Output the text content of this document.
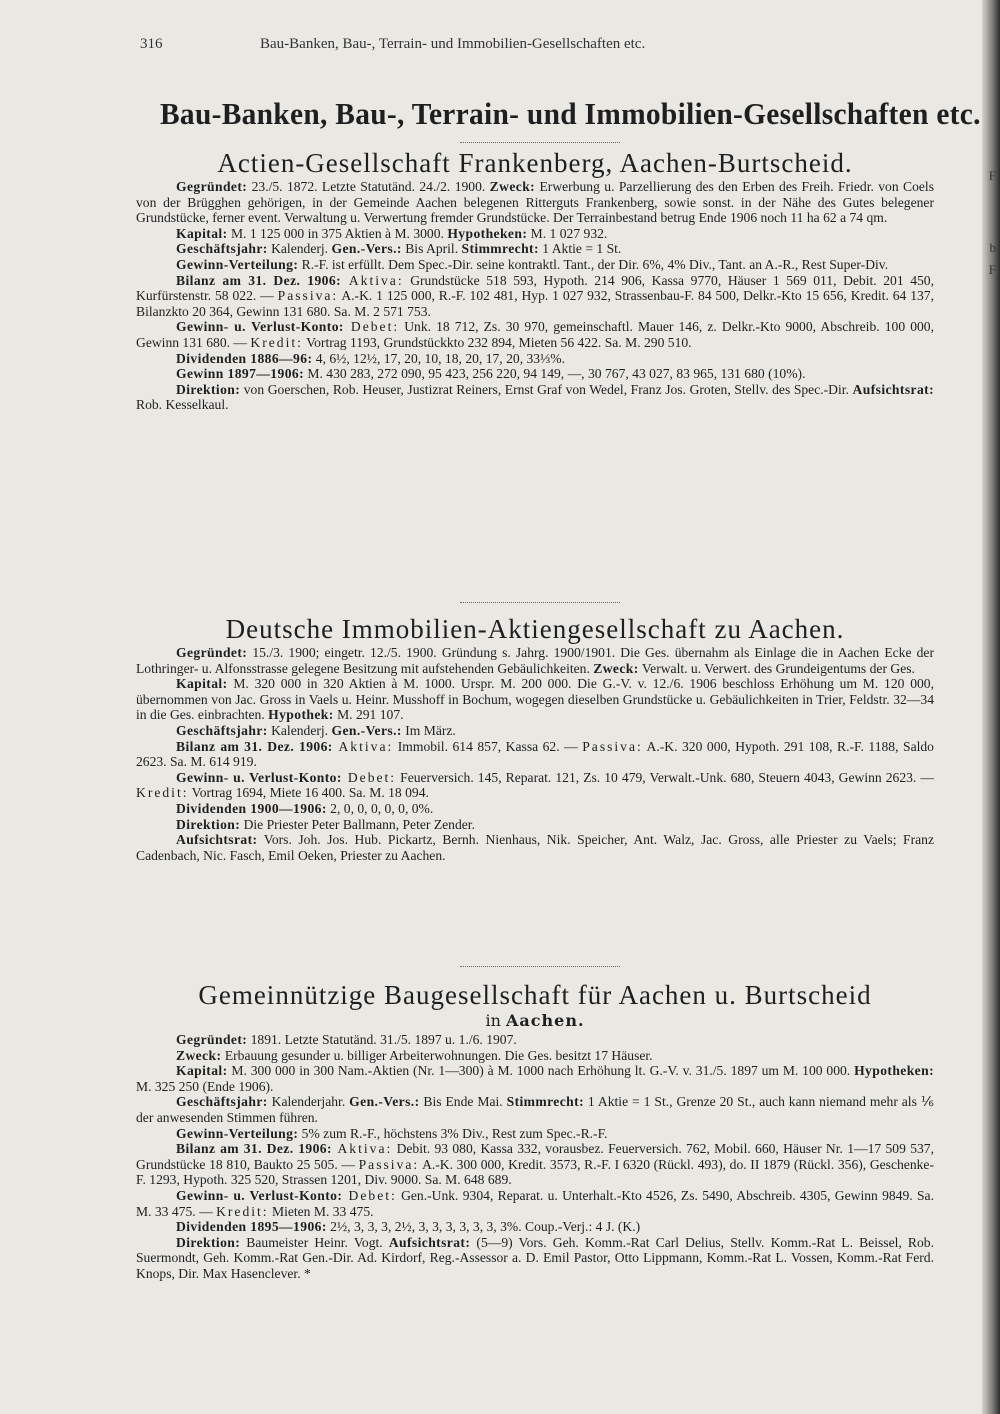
316	Bau-Banken, Bau-, Terrain- und Immobilien-Gesellschaften etc.
Bau-Banken, Bau-, Terrain- und Immobilien-Gesellschaften etc.
Actien-Gesellschaft Frankenberg, Aachen-Burtscheid.

Gegründet: 23./5. 1872. Letzte Statutänd. 24./2. 1900. Zweck: Erwerbung u. Parzellierung des den Erben des Freih. Friedr. von Coels von der Brügghen gehörigen, in der Gemeinde Aachen belegenen Ritterguts Frankenberg, sowie sonst. in der Nähe des Gutes belegener Grundstücke, ferner event. Verwaltung u. Verwertung fremder Grundstücke. Der Terrainbestand betrug Ende 1906 noch 11 ha 62 a 74 qm.

Kapital: M. 1 125 000 in 375 Aktien à M. 3000. Hypotheken: M. 1 027 932.

Geschäftsjahr: Kalenderj. Gen.-Vers.: Bis April. Stimmrecht: 1 Aktie = 1 St.

Gewinn-Verteilung: R.-F. ist erfüllt. Dem Spec.-Dir. seine kontraktl. Tant., der Dir. 6%, 4% Div., Tant. an A.-R., Rest Super-Div.

Bilanz am 31. Dez. 1906: Aktiva: Grundstücke 518 593, Hypoth. 214 906, Kassa 9770, Häuser 1 569 011, Debit. 201 450, Kurfürstenstr. 58 022. — Passiva: A.-K. 1 125 000, R.-F. 102 481, Hyp. 1 027 932, Strassenbau-F. 84 500, Delkr.-Kto 15 656, Kredit. 64 137, Bilanzkto 20 364, Gewinn 131 680. Sa. M. 2 571 753.

Gewinn- u. Verlust-Konto: Debet: Unk. 18 712, Zs. 30 970, gemeinschaftl. Mauer 146, z. Delkr.-Kto 9000, Abschreib. 100 000, Gewinn 131 680. — Kredit: Vortrag 1193, Grundstückkto 232 894, Mieten 56 422. Sa. M. 290 510.

Dividenden 1886—96: 4, 6½, 12½, 17, 20, 10, 18, 20, 17, 20, 33⅓%.

Gewinn 1897—1906: M. 430 283, 272 090, 95 423, 256 220, 94 149, —, 30 767, 43 027, 83 965, 131 680 (10%).

Direktion: von Goerschen, Rob. Heuser, Justizrat Reiners, Ernst Graf von Wedel, Franz Jos. Groten, Stellv. des Spec.-Dir. Aufsichtsrat: Rob. Kesselkaul.

Deutsche Immobilien-Aktiengesellschaft zu Aachen.

Gegründet: 15./3. 1900; eingetr. 12./5. 1900. Gründung s. Jahrg. 1900/1901. Die Ges. übernahm als Einlage die in Aachen Ecke der Lothringer- u. Alfonsstrasse gelegene Besitzung mit aufstehenden Gebäulichkeiten. Zweck: Verwalt. u. Verwert. des Grundeigentums der Ges.

Kapital: M. 320 000 in 320 Aktien à M. 1000. Urspr. M. 200 000. Die G.-V. v. 12./6. 1906 beschloss Erhöhung um M. 120 000, übernommen von Jac. Gross in Vaels u. Heinr. Musshoff in Bochum, wogegen dieselben Grundstücke u. Gebäulichkeiten in Trier, Feldstr. 32—34 in die Ges. einbrachten. Hypothek: M. 291 107.

Geschäftsjahr: Kalenderj. Gen.-Vers.: Im März.

Bilanz am 31. Dez. 1906: Aktiva: Immobil. 614 857, Kassa 62. — Passiva: A.-K. 320 000, Hypoth. 291 108, R.-F. 1188, Saldo 2623. Sa. M. 614 919.

Gewinn- u. Verlust-Konto: Debet: Feuerversich. 145, Reparat. 121, Zs. 10 479, Verwalt.-Unk. 680, Steuern 4043, Gewinn 2623. — Kredit: Vortrag 1694, Miete 16 400. Sa. M. 18 094.

Dividenden 1900—1906: 2, 0, 0, 0, 0, 0, 0%.

Direktion: Die Priester Peter Ballmann, Peter Zender.

Aufsichtsrat: Vors. Joh. Jos. Hub. Pickartz, Bernh. Nienhaus, Nik. Speicher, Ant. Walz, Jac. Gross, alle Priester zu Vaels; Franz Cadenbach, Nic. Fasch, Emil Oeken, Priester zu Aachen.

Gemeinnützige Baugesellschaft für Aachen u. Burtscheid
in Aachen.

Gegründet: 1891. Letzte Statutänd. 31./5. 1897 u. 1./6. 1907.

Zweck: Erbauung gesunder u. billiger Arbeiterwohnungen. Die Ges. besitzt 17 Häuser.

Kapital: M. 300 000 in 300 Nam.-Aktien (Nr. 1—300) à M. 1000 nach Erhöhung lt. G.-V. v. 31./5. 1897 um M. 100 000. Hypotheken: M. 325 250 (Ende 1906).

Geschäftsjahr: Kalenderjahr. Gen.-Vers.: Bis Ende Mai. Stimmrecht: 1 Aktie = 1 St., Grenze 20 St., auch kann niemand mehr als ⅙ der anwesenden Stimmen führen.

Gewinn-Verteilung: 5% zum R.-F., höchstens 3% Div., Rest zum Spec.-R.-F.

Bilanz am 31. Dez. 1906: Aktiva: Debit. 93 080, Kassa 332, vorausbez. Feuerversich. 762, Mobil. 660, Häuser Nr. 1—17 509 537, Grundstücke 18 810, Baukto 25 505. — Passiva: A.-K. 300 000, Kredit. 3573, R.-F. I 6320 (Rückl. 493), do. II 1879 (Rückl. 356), Geschenke-F. 1293, Hypoth. 325 520, Strassen 1201, Div. 9000. Sa. M. 648 689.

Gewinn- u. Verlust-Konto: Debet: Gen.-Unk. 9304, Reparat. u. Unterhalt.-Kto 4526, Zs. 5490, Abschreib. 4305, Gewinn 9849. Sa. M. 33 475. — Kredit: Mieten M. 33 475.

Dividenden 1895—1906: 2½, 3, 3, 3, 2½, 3, 3, 3, 3, 3, 3, 3%. Coup.-Verj.: 4 J. (K.)

Direktion: Baumeister Heinr. Vogt. Aufsichtsrat: (5—9) Vors. Geh. Komm.-Rat Carl Delius, Stellv. Komm.-Rat L. Beissel, Rob. Suermondt, Geh. Komm.-Rat Gen.-Dir. Ad. Kirdorf, Reg.-Assessor a. D. Emil Pastor, Otto Lippmann, Komm.-Rat L. Vossen, Komm.-Rat Ferd. Knops, Dir. Max Hasenclever. *

F
b
F
